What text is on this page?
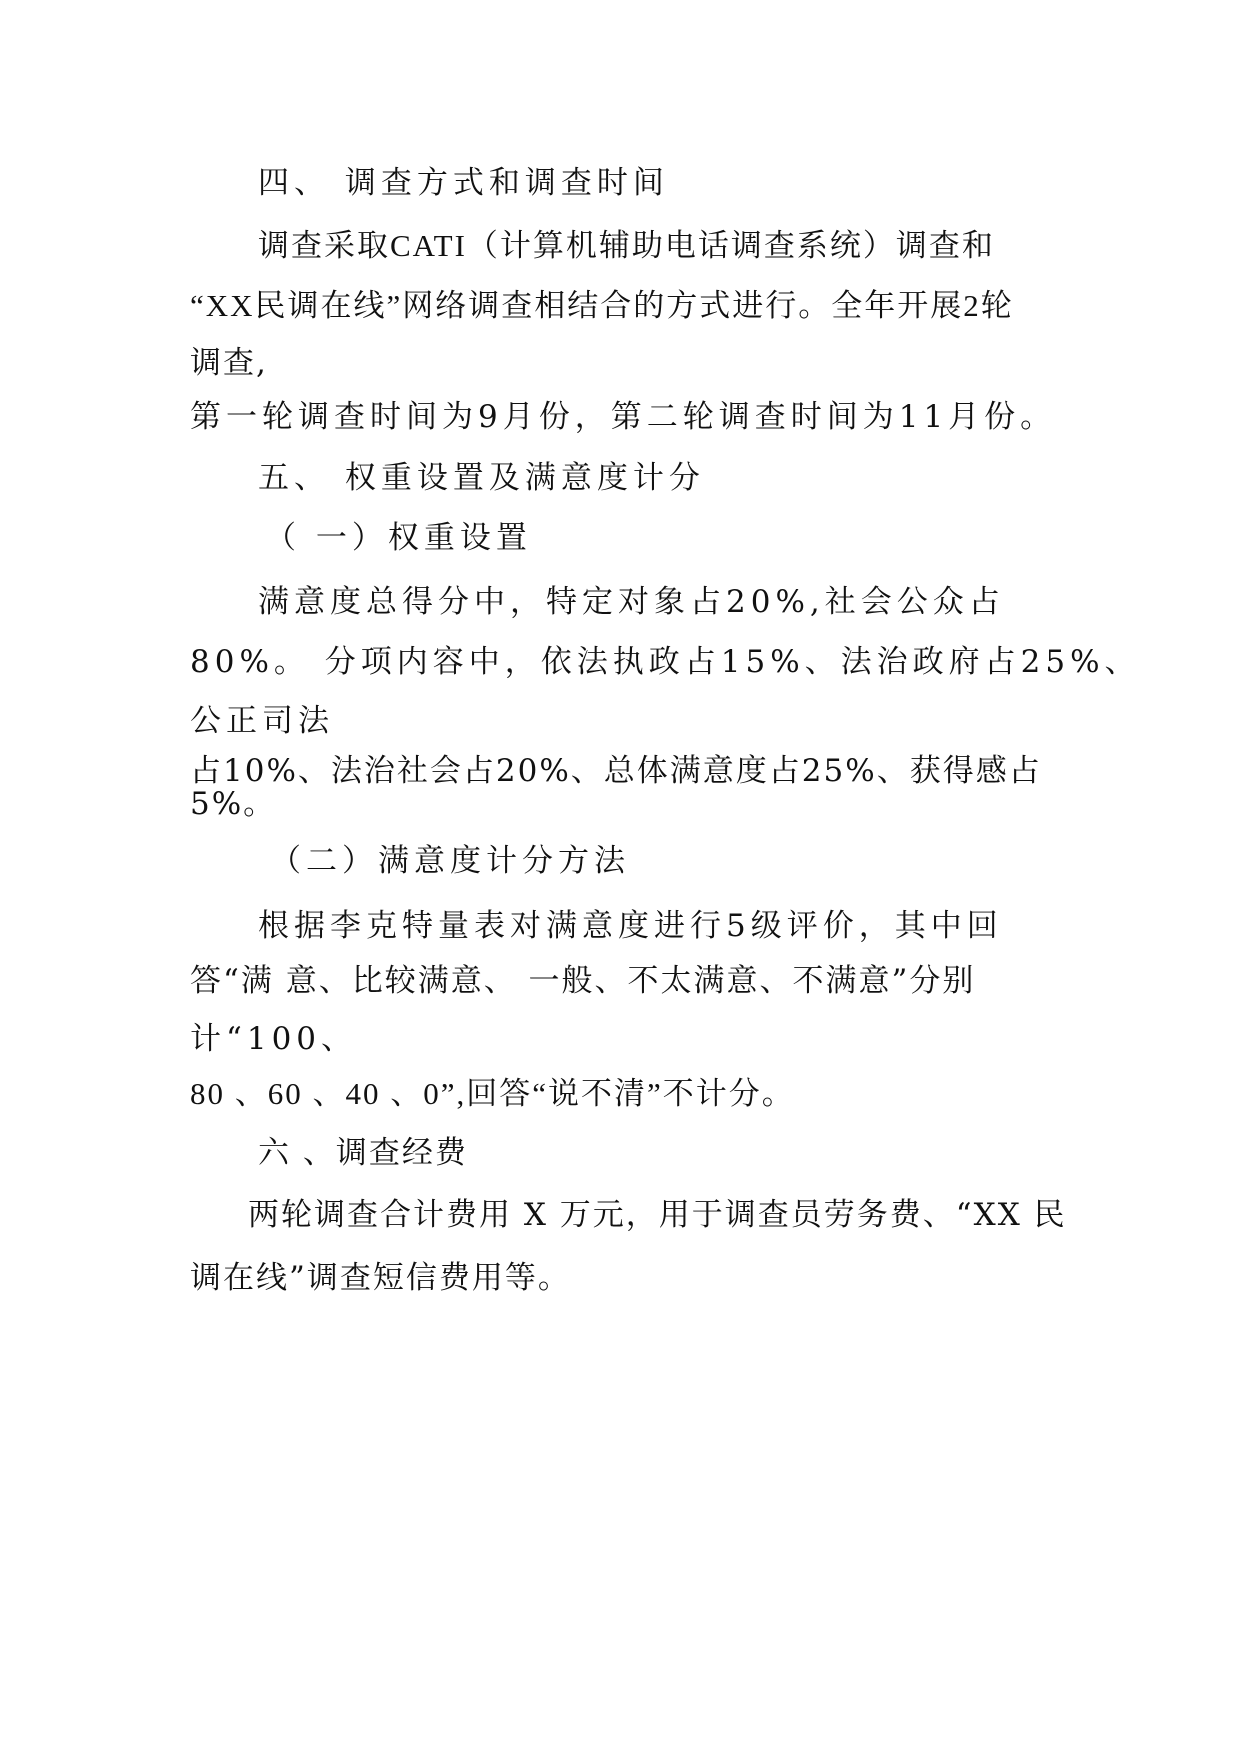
四、 调查方式和调查时间
调查采取CATI（计算机辅助电话调查系统）调查和
“XX民调在线”网络调查相结合的方式进行。全年开展2轮
调查,
第一轮调查时间为9月份，第二轮调查时间为11月份。
五、 权重设置及满意度计分
（ 一）权重设置
满意度总得分中，特定对象占20%,社会公众占
80%。 分项内容中，依法执政占15%、法治政府占25%、
公正司法
占10%、法治社会占20%、总体满意度占25%、获得感占
5%。
（二）满意度计分方法
根据李克特量表对满意度进行5级评价，其中回
答“满 意、比较满意、 一般、不太满意、不满意”分别
计“100、
80 、60 、40 、0”,回答“说不清”不计分。
六 、调查经费
两轮调查合计费用 X 万元，用于调查员劳务费、“XX 民
调在线”调查短信费用等。
